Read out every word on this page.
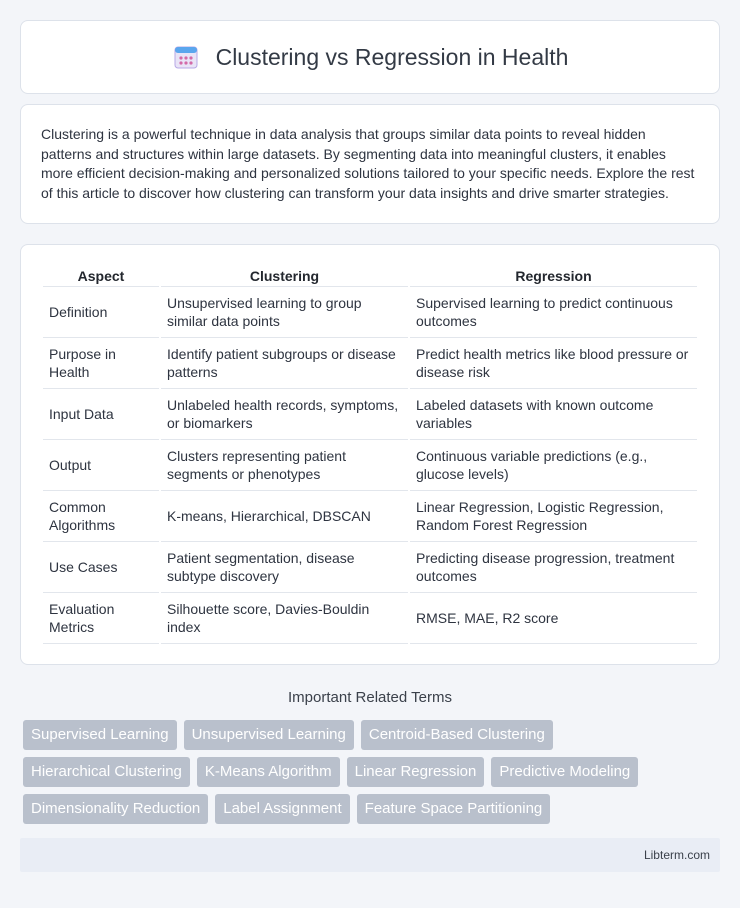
Clustering vs Regression in Health

Clustering is a powerful technique in data analysis that groups similar data points to reveal hidden patterns and structures within large datasets. By segmenting data into meaningful clusters, it enables more efficient decision-making and personalized solutions tailored to your specific needs. Explore the rest of this article to discover how clustering can transform your data insights and drive smarter strategies.

Aspect	Clustering	Regression
Definition	Unsupervised learning to group similar data points	Supervised learning to predict continuous outcomes
Purpose in Health	Identify patient subgroups or disease patterns	Predict health metrics like blood pressure or disease risk
Input Data	Unlabeled health records, symptoms, or biomarkers	Labeled datasets with known outcome variables
Output	Clusters representing patient segments or phenotypes	Continuous variable predictions (e.g., glucose levels)
Common Algorithms	K-means, Hierarchical, DBSCAN	Linear Regression, Logistic Regression, Random Forest Regression
Use Cases	Patient segmentation, disease subtype discovery	Predicting disease progression, treatment outcomes
Evaluation Metrics	Silhouette score, Davies-Bouldin index	RMSE, MAE, R2 score
Important Related Terms
Supervised Learning	Unsupervised Learning	Centroid-Based Clustering
Hierarchical Clustering	K-Means Algorithm	Linear Regression	Predictive Modeling
Dimensionality Reduction	Label Assignment	Feature Space Partitioning
Libterm.com
